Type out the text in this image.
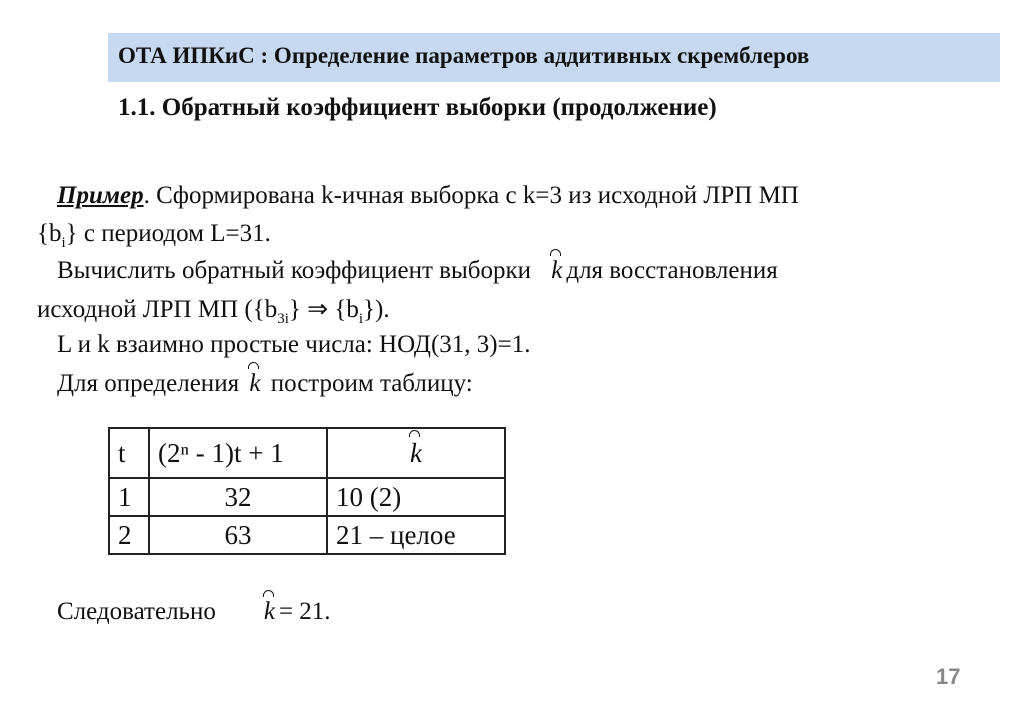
ОТА ИПКиС : Определение параметров аддитивных скремблеров
1.1. Обратный коэффициент выборки (продолжение)
Пример. Сформирована k-ичная выборка с k=3 из исходной ЛРП МП
$\{b_i\}$ с периодом L=31.
Вычислить обратный коэффициент выборки k для восстановления
исходной ЛРП МП ($\{b_{3i}\}$ ⇒ $\{b_i\}$).
L и k взаимно простые числа: НОД(31, 3)=1.
Для определения k построим таблицу:
t	(2ⁿ - 1)t + 1	k
1	32	10 (2)
2	63	21 – целое
Следовательно k = 21.
17
